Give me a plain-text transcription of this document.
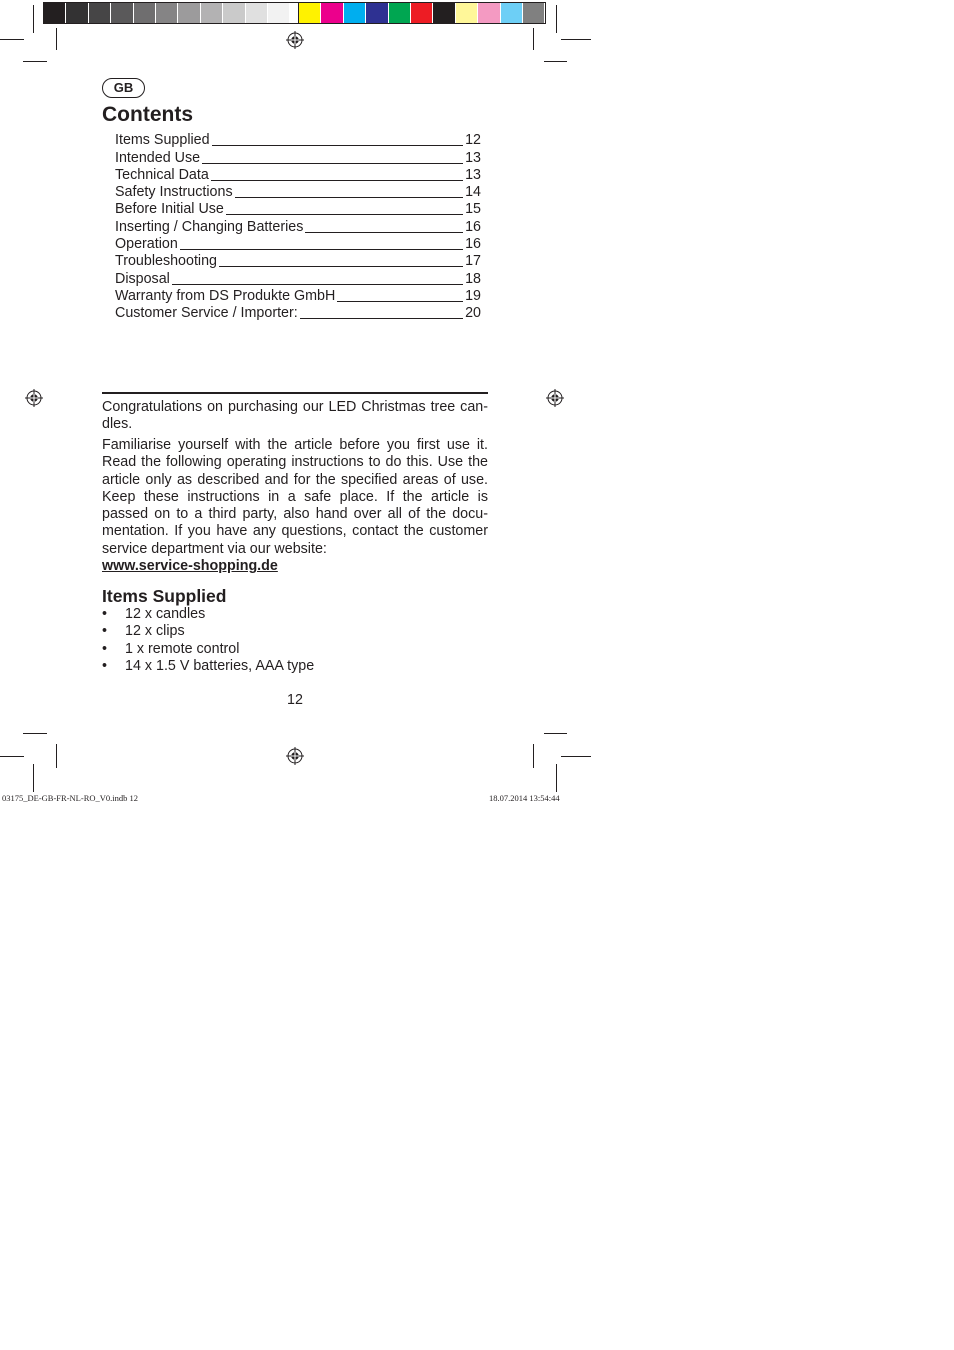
GB
Contents
Items Supplied	12
Intended Use	13
Technical Data	13
Safety Instructions	14
Before Initial Use	15
Inserting / Changing Batteries	16
Operation	16
Troubleshooting	17
Disposal	18
Warranty from DS Produkte GmbH	19
Customer Service / Importer:	20

Congratulations on purchasing our LED Christmas tree can-dles.

Familiarise yourself with the article before you first use it. Read the following operating instructions to do this. Use the article only as described and for the specified areas of use. Keep these instructions in a safe place. If the article is passed on to a third party, also hand over all of the docu-mentation. If you have any questions, contact the customer service department via our website:

www.service-shopping.de
Items Supplied
• 12 x candles
• 12 x clips
• 1 x remote control
• 14 x 1.5 V batteries, AAA type
12
03175_DE-GB-FR-NL-RO_V0.indb 12	18.07.2014 13:54:44
